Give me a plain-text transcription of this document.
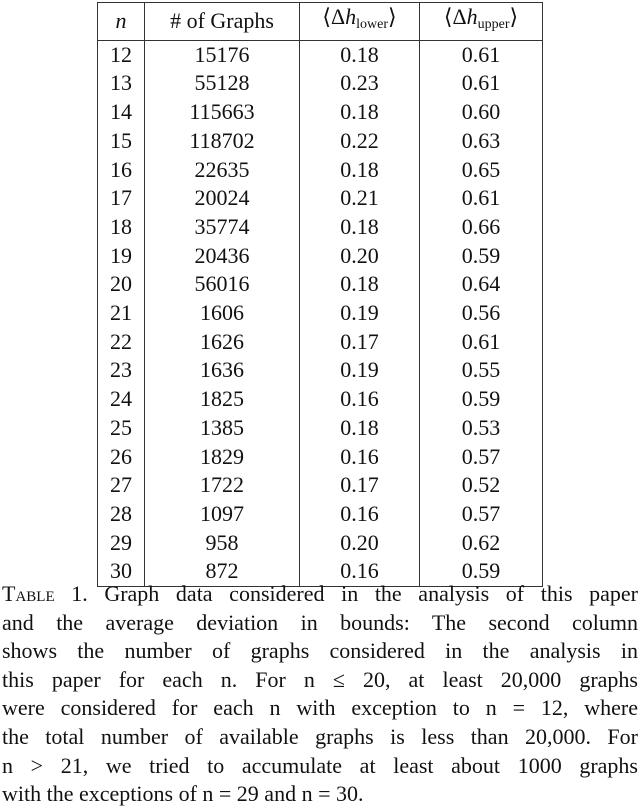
n	# of Graphs	$⟨\Delta h_{lower}⟩$	$⟨\Delta h_{upper}⟩$
12	15176	0.18	0.61
13	55128	0.23	0.61
14	115663	0.18	0.60
15	118702	0.22	0.63
16	22635	0.18	0.65
17	20024	0.21	0.61
18	35774	0.18	0.66
19	20436	0.20	0.59
20	56016	0.18	0.64
21	1606	0.19	0.56
22	1626	0.17	0.61
23	1636	0.19	0.55
24	1825	0.16	0.59
25	1385	0.18	0.53
26	1829	0.16	0.57
27	1722	0.17	0.52
28	1097	0.16	0.57
29	958	0.20	0.62
30	872	0.16	0.59
Table 1. Graph data considered in the analysis of this paper
and the average deviation in bounds: The second column
shows the number of graphs considered in the analysis in
this paper for each n. For n ≤ 20, at least 20,000 graphs
were considered for each n with exception to n = 12, where
the total number of available graphs is less than 20,000. For
n > 21, we tried to accumulate at least about 1000 graphs
with the exceptions of n = 29 and n = 30.
